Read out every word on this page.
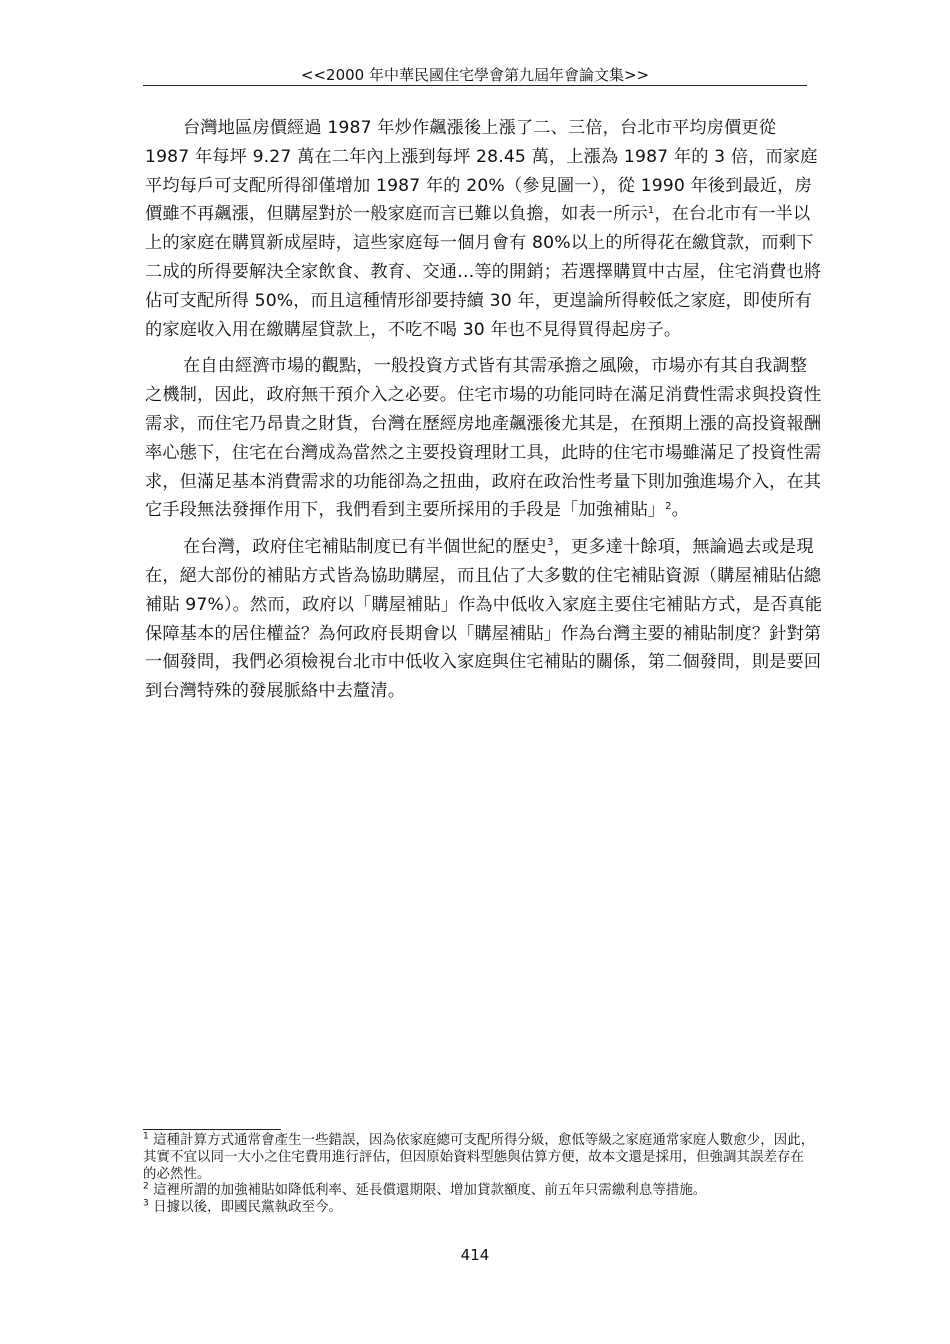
<<2000 年中華民國住宅學會第九屆年會論文集>>

台灣地區房價經過 1987 年炒作飆漲後上漲了二、三倍，台北市平均房價更從 1987 年每坪 9.27 萬在二年內上漲到每坪 28.45 萬，上漲為 1987 年的 3 倍，而家庭平均每戶可支配所得卻僅增加 1987 年的 20%（參見圖一），從 1990 年後到最近，房價雖不再飆漲，但購屋對於一般家庭而言已難以負擔，如表一所示$^1$，在台北市有一半以上的家庭在購買新成屋時，這些家庭每一個月會有 80%以上的所得花在繳貸款，而剩下二成的所得要解決全家飲食、教育、交通…等的開銷；若選擇購買中古屋，住宅消費也將佔可支配所得 50%，而且這種情形卻要持續 30 年，更遑論所得較低之家庭，即使所有的家庭收入用在繳購屋貸款上，不吃不喝 30 年也不見得買得起房子。

在自由經濟市場的觀點，一般投資方式皆有其需承擔之風險，市場亦有其自我調整之機制，因此，政府無干預介入之必要。住宅市場的功能同時在滿足消費性需求與投資性需求，而住宅乃昂貴之財貨，台灣在歷經房地產飆漲後尤其是，在預期上漲的高投資報酬率心態下，住宅在台灣成為當然之主要投資理財工具，此時的住宅市場雖滿足了投資性需求，但滿足基本消費需求的功能卻為之扭曲，政府在政治性考量下則加強進場介入，在其它手段無法發揮作用下，我們看到主要所採用的手段是「加強補貼」$^2$。

在台灣，政府住宅補貼制度已有半個世紀的歷史$^3$，更多達十餘項，無論過去或是現在，絕大部份的補貼方式皆為協助購屋，而且佔了大多數的住宅補貼資源（購屋補貼佔總補貼 97%）。然而，政府以「購屋補貼」作為中低收入家庭主要住宅補貼方式，是否真能保障基本的居住權益？為何政府長期會以「購屋補貼」作為台灣主要的補貼制度？針對第一個發問，我們必須檢視台北市中低收入家庭與住宅補貼的關係，第二個發問，則是要回到台灣特殊的發展脈絡中去釐清。

$^1$ 這種計算方式通常會產生一些錯誤，因為依家庭總可支配所得分級，愈低等級之家庭通常家庭人數愈少，因此，其實不宜以同一大小之住宅費用進行評估，但因原始資料型態與估算方便，故本文還是採用，但強調其誤差存在的必然性。

$^2$ 這裡所謂的加強補貼如降低利率、延長償還期限、增加貸款額度、前五年只需繳利息等措施。

$^3$ 日據以後，即國民黨執政至今。

414
